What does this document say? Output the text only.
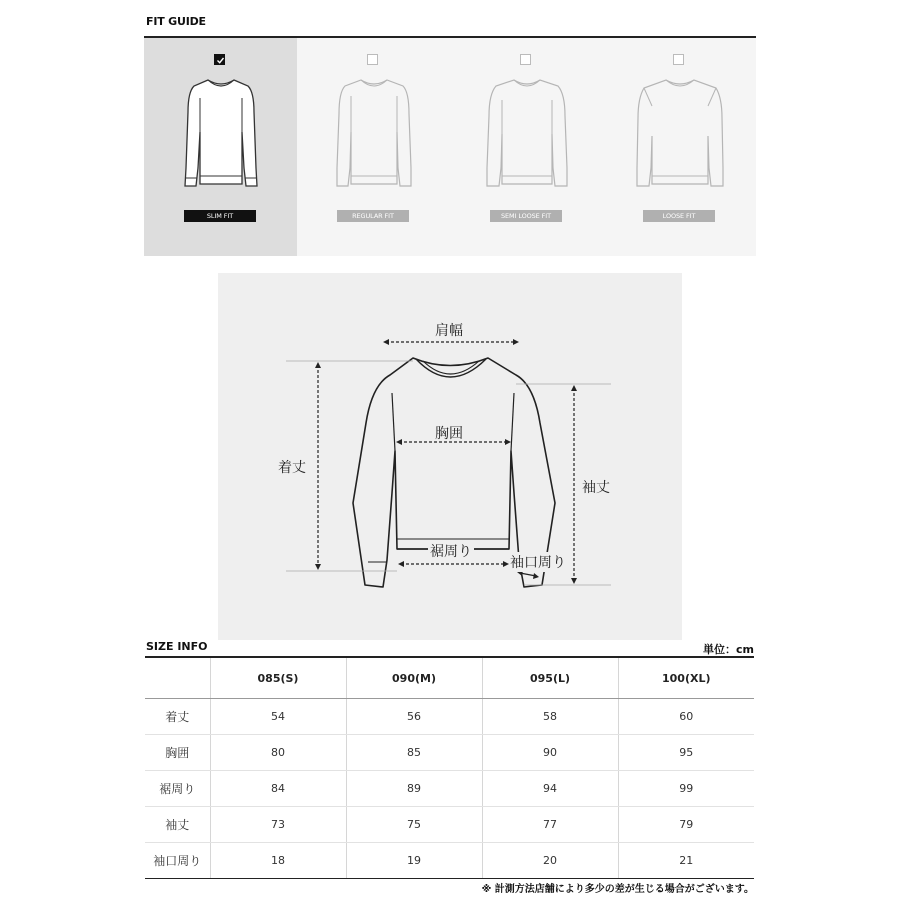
FIT GUIDE
SLIM FIT	REGULAR FIT	SEMI LOOSE FIT	LOOSE FIT
肩幅
着丈
胸囲
袖丈
裾周り
袖口周り
SIZE INFO	単位：cm
	085(S)	090(M)	095(L)	100(XL)
着丈	54	56	58	60
胸囲	80	85	90	95
裾周り	84	89	94	99
袖丈	73	75	77	79
袖口周り	18	19	20	21
※ 計測方法店舗により多少の差が生じる場合がございます。
